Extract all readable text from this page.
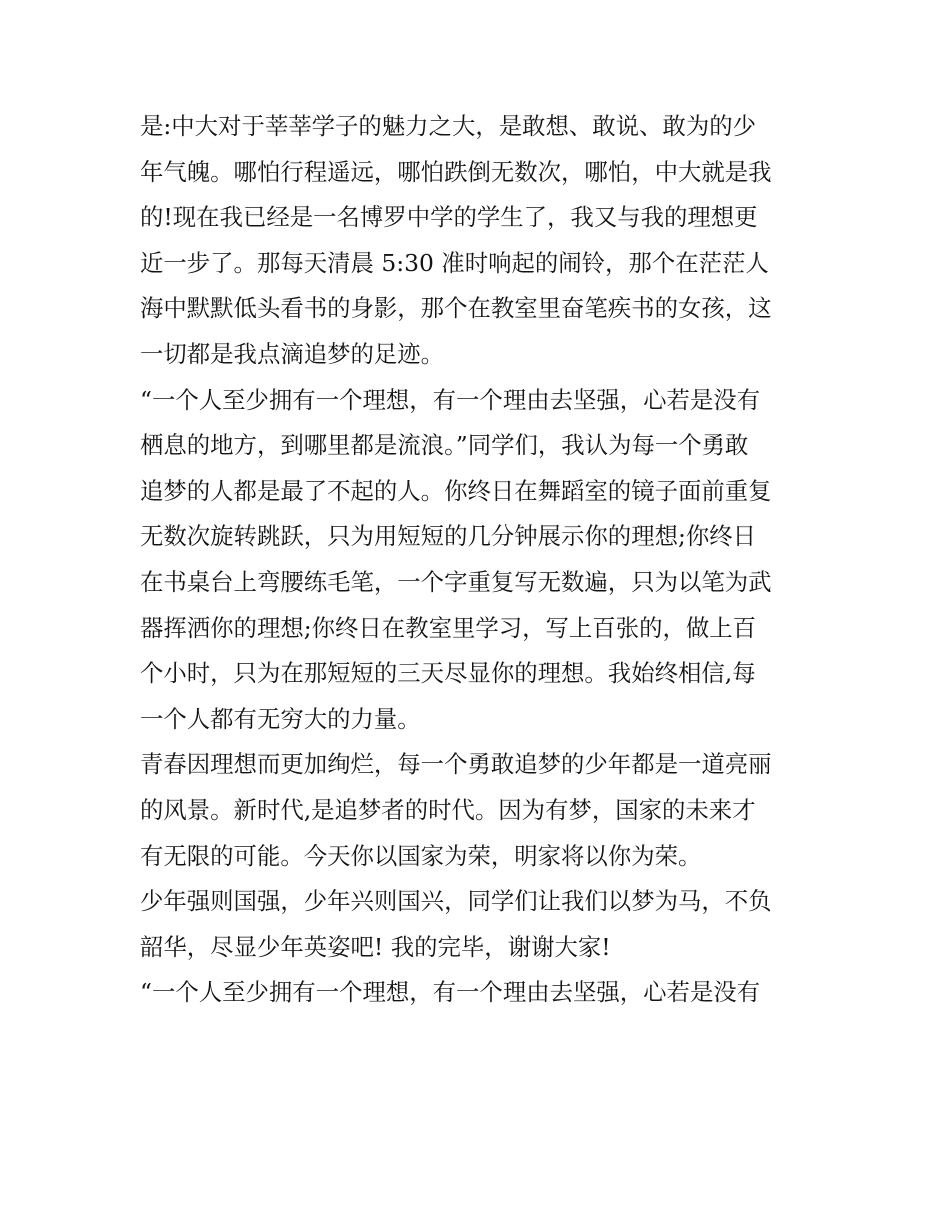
是:中大对于莘莘学子的魅力之大，是敢想、敢说、敢为的少
年气魄。哪怕行程遥远，哪怕跌倒无数次，哪怕，中大就是我
的!现在我已经是一名博罗中学的学生了，我又与我的理想更
近一步了。那每天清晨 5:30 准时响起的闹铃，那个在茫茫人
海中默默低头看书的身影，那个在教室里奋笔疾书的女孩，这
一切都是我点滴追梦的足迹。
“一个人至少拥有一个理想，有一个理由去坚强，心若是没有
栖息的地方，到哪里都是流浪。”同学们，我认为每一个勇敢
追梦的人都是最了不起的人。你终日在舞蹈室的镜子面前重复
无数次旋转跳跃，只为用短短的几分钟展示你的理想;你终日
在书桌台上弯腰练毛笔，一个字重复写无数遍，只为以笔为武
器挥洒你的理想;你终日在教室里学习，写上百张的，做上百
个小时，只为在那短短的三天尽显你的理想。我始终相信,每
一个人都有无穷大的力量。
青春因理想而更加绚烂，每一个勇敢追梦的少年都是一道亮丽
的风景。新时代,是追梦者的时代。因为有梦，国家的未来才
有无限的可能。今天你以国家为荣，明家将以你为荣。
少年强则国强，少年兴则国兴，同学们让我们以梦为马，不负
韶华，尽显少年英姿吧! 我的完毕，谢谢大家!
“一个人至少拥有一个理想，有一个理由去坚强，心若是没有
